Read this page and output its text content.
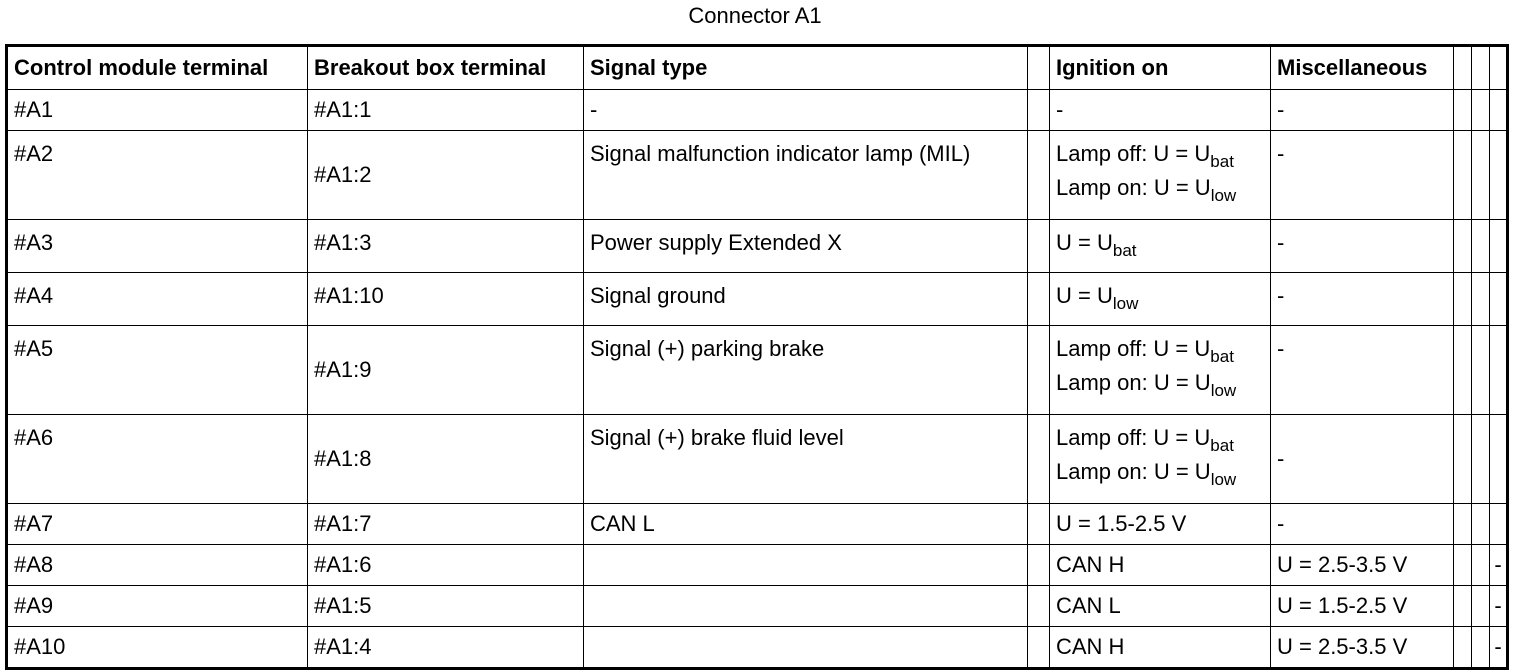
Connector A1
Control module terminal	Breakout box terminal	Signal type		Ignition on	Miscellaneous			
#A1	#A1:1	-		-	-			
#A2	#A1:2	Signal malfunction indicator lamp (MIL)		Lamp off: $U = U_{bat}$
Lamp on: $U = U_{low}$	-			
#A3	#A1:3	Power supply Extended X		$U = U_{bat}$	-			
#A4	#A1:10	Signal ground		$U = U_{low}$	-			
#A5	#A1:9	Signal (+) parking brake		Lamp off: $U = U_{bat}$
Lamp on: $U = U_{low}$	-			
#A6	#A1:8	Signal (+) brake fluid level		Lamp off: $U = U_{bat}$
Lamp on: $U = U_{low}$	-			
#A7	#A1:7	CAN L		U = 1.5-2.5 V	-			
#A8	#A1:6			CAN H	U = 2.5-3.5 V			-
#A9	#A1:5			CAN L	U = 1.5-2.5 V			-
#A10	#A1:4			CAN H	U = 2.5-3.5 V			-
